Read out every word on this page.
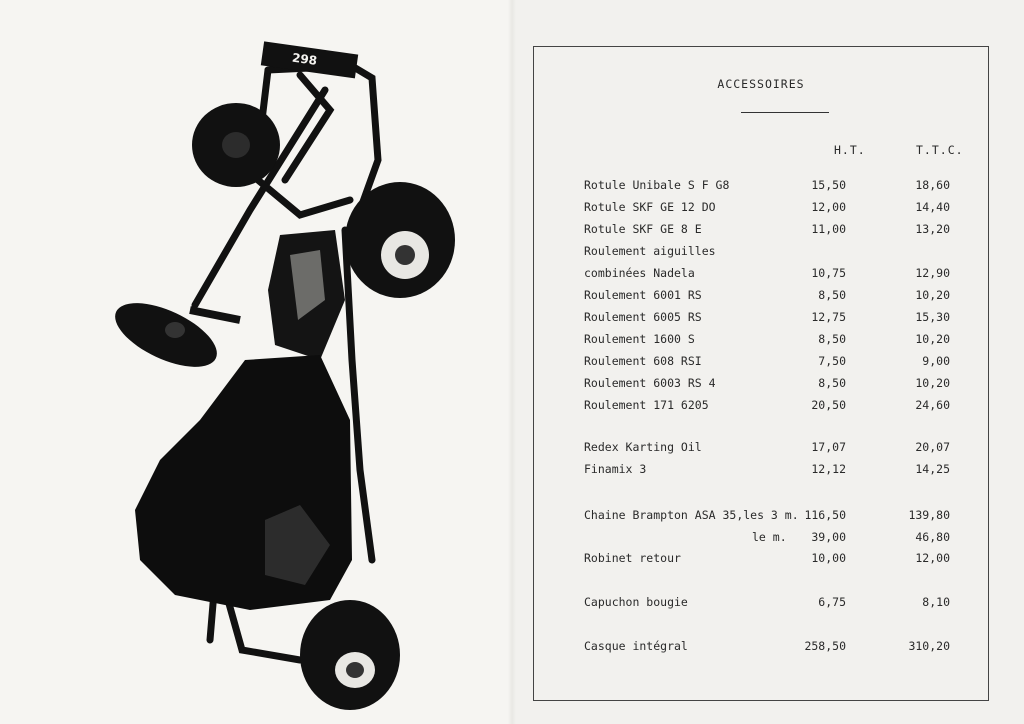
298
ACCESSOIRES
H.T.	T.T.C.
Rotule Unibale S F G8	15,50	18,60
Rotule SKF GE 12 DO	12,00	14,40
Rotule SKF GE 8 E	11,00	13,20
Roulement aiguilles
combinées Nadela	10,75	12,90
Roulement 6001 RS	8,50	10,20
Roulement 6005 RS	12,75	15,30
Roulement 1600 S	8,50	10,20
Roulement 608 RSI	7,50	9,00
Roulement 6003 RS 4	8,50	10,20
Roulement 171 6205	20,50	24,60
Redex Karting Oil	17,07	20,07
Finamix 3	12,12	14,25
Chaine Brampton ASA 35,les 3 m. 116,50	139,80
le m. 39,00	46,80
Robinet retour	10,00	12,00
Capuchon bougie	6,75	8,10
Casque intégral	258,50	310,20
